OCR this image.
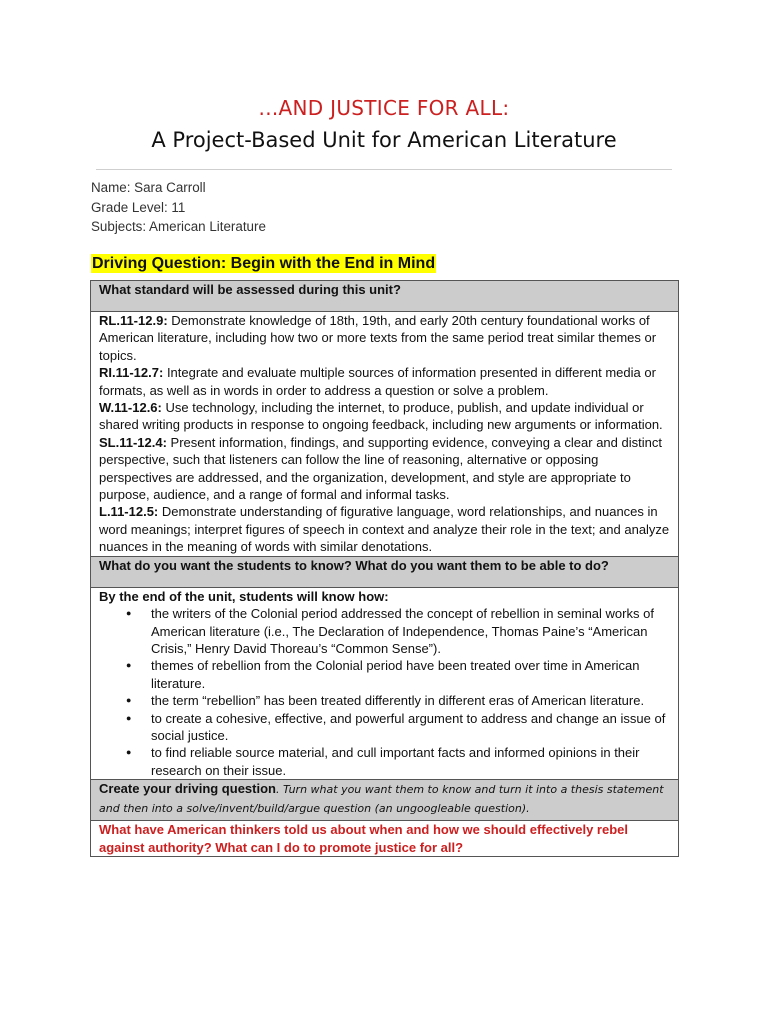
...AND JUSTICE FOR ALL:
A Project-Based Unit for American Literature
Name: Sara Carroll
Grade Level: 11
Subjects: American Literature
Driving Question: Begin with the End in Mind
What standard will be assessed during this unit?

RL.11-12.9: Demonstrate knowledge of 18th, 19th, and early 20th century foundational works of American literature, including how two or more texts from the same period treat similar themes or topics.
RI.11-12.7: Integrate and evaluate multiple sources of information presented in different media or formats, as well as in words in order to address a question or solve a problem.
W.11-12.6: Use technology, including the internet, to produce, publish, and update individual or shared writing products in response to ongoing feedback, including new arguments or information.
SL.11-12.4: Present information, findings, and supporting evidence, conveying a clear and distinct perspective, such that listeners can follow the line of reasoning, alternative or opposing perspectives are addressed, and the organization, development, and style are appropriate to purpose, audience, and a range of formal and informal tasks.
L.11-12.5: Demonstrate understanding of figurative language, word relationships, and nuances in word meanings; interpret figures of speech in context and analyze their role in the text; and analyze nuances in the meaning of words with similar denotations.

What do you want the students to know? What do you want them to be able to do?

By the end of the unit, students will know how:
● the writers of the Colonial period addressed the concept of rebellion in seminal works of American literature (i.e., The Declaration of Independence, Thomas Paine’s “American Crisis,” Henry David Thoreau’s “Common Sense”).
● themes of rebellion from the Colonial period have been treated over time in American literature.
● the term “rebellion” has been treated differently in different eras of American literature.
● to create a cohesive, effective, and powerful argument to address and change an issue of social justice.
● to find reliable source material, and cull important facts and informed opinions in their research on their issue.

Create your driving question. Turn what you want them to know and turn it into a thesis statement and then into a solve/invent/build/argue question (an ungoogleable question).
What have American thinkers told us about when and how we should effectively rebel against authority? What can I do to promote justice for all?
